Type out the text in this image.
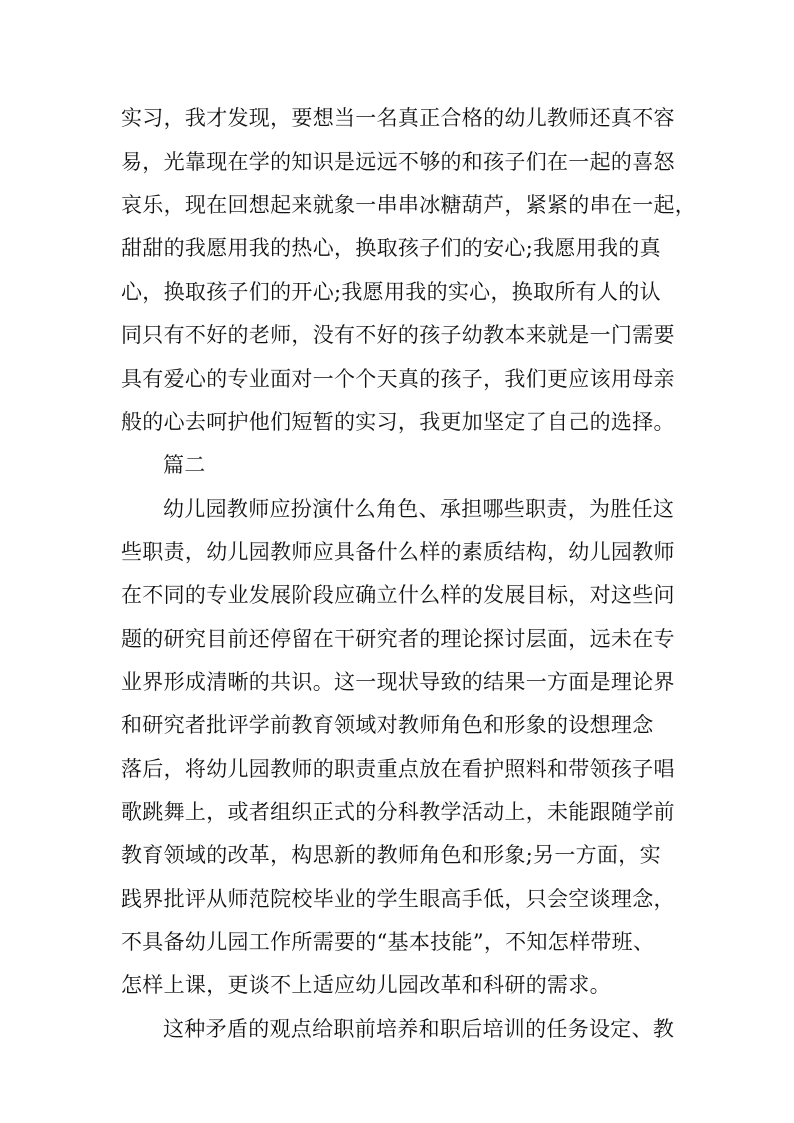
实习，我才发现，要想当一名真正合格的幼儿教师还真不容
易，光靠现在学的知识是远远不够的和孩子们在一起的喜怒
哀乐，现在回想起来就象一串串冰糖葫芦，紧紧的串在一起，
甜甜的我愿用我的热心，换取孩子们的安心;我愿用我的真
心，换取孩子们的开心;我愿用我的实心，换取所有人的认
同只有不好的老师，没有不好的孩子幼教本来就是一门需要
具有爱心的专业面对一个个天真的孩子，我们更应该用母亲
般的心去呵护他们短暂的实习，我更加坚定了自己的选择。
篇二
幼儿园教师应扮演什么角色、承担哪些职责，为胜任这
些职责，幼儿园教师应具备什么样的素质结构，幼儿园教师
在不同的专业发展阶段应确立什么样的发展目标，对这些问
题的研究目前还停留在干研究者的理论探讨层面，远未在专
业界形成清晰的共识。这一现状导致的结果一方面是理论界
和研究者批评学前教育领域对教师角色和形象的设想理念
落后，将幼儿园教师的职责重点放在看护照料和带领孩子唱
歌跳舞上，或者组织正式的分科教学活动上，未能跟随学前
教育领域的改革，构思新的教师角色和形象;另一方面，实
践界批评从师范院校毕业的学生眼高手低，只会空谈理念，
不具备幼儿园工作所需要的“基本技能”，不知怎样带班、
怎样上课，更谈不上适应幼儿园改革和科研的需求。
这种矛盾的观点给职前培养和职后培训的任务设定、教
